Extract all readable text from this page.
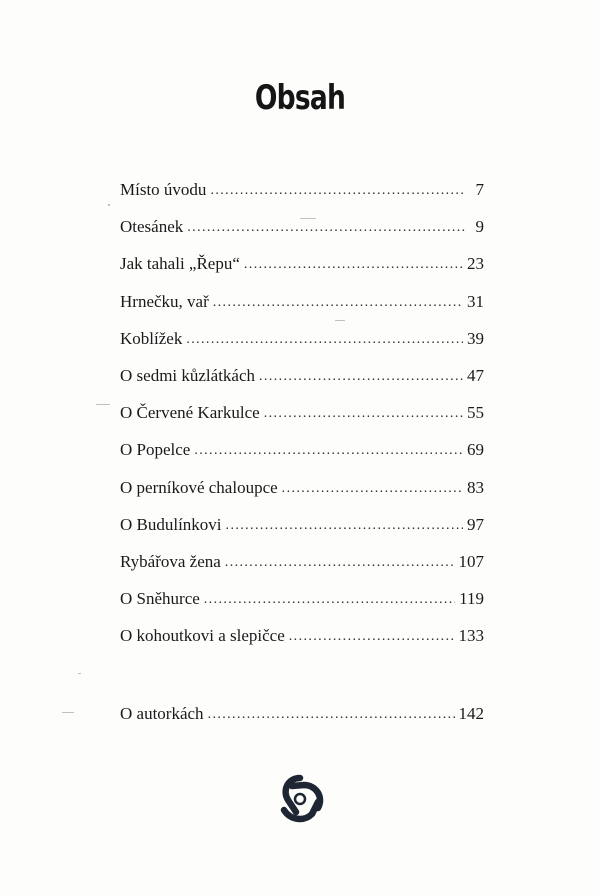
Obsah
Místo úvodu .....	7
Otesánek .....	9
Jak tahali „Řepu“ .....	23
Hrnečku, vař .....	31
Koblížek .....	39
O sedmi kůzlátkách .....	47
O Červené Karkulce .....	55
O Popelce .....	69
O perníkové chaloupce .....	83
O Budulínkovi .....	97
Rybářova žena .....	107
O Sněhurce .....	119
O kohoutkovi a slepičce .....	133
O autorkách .....	142
